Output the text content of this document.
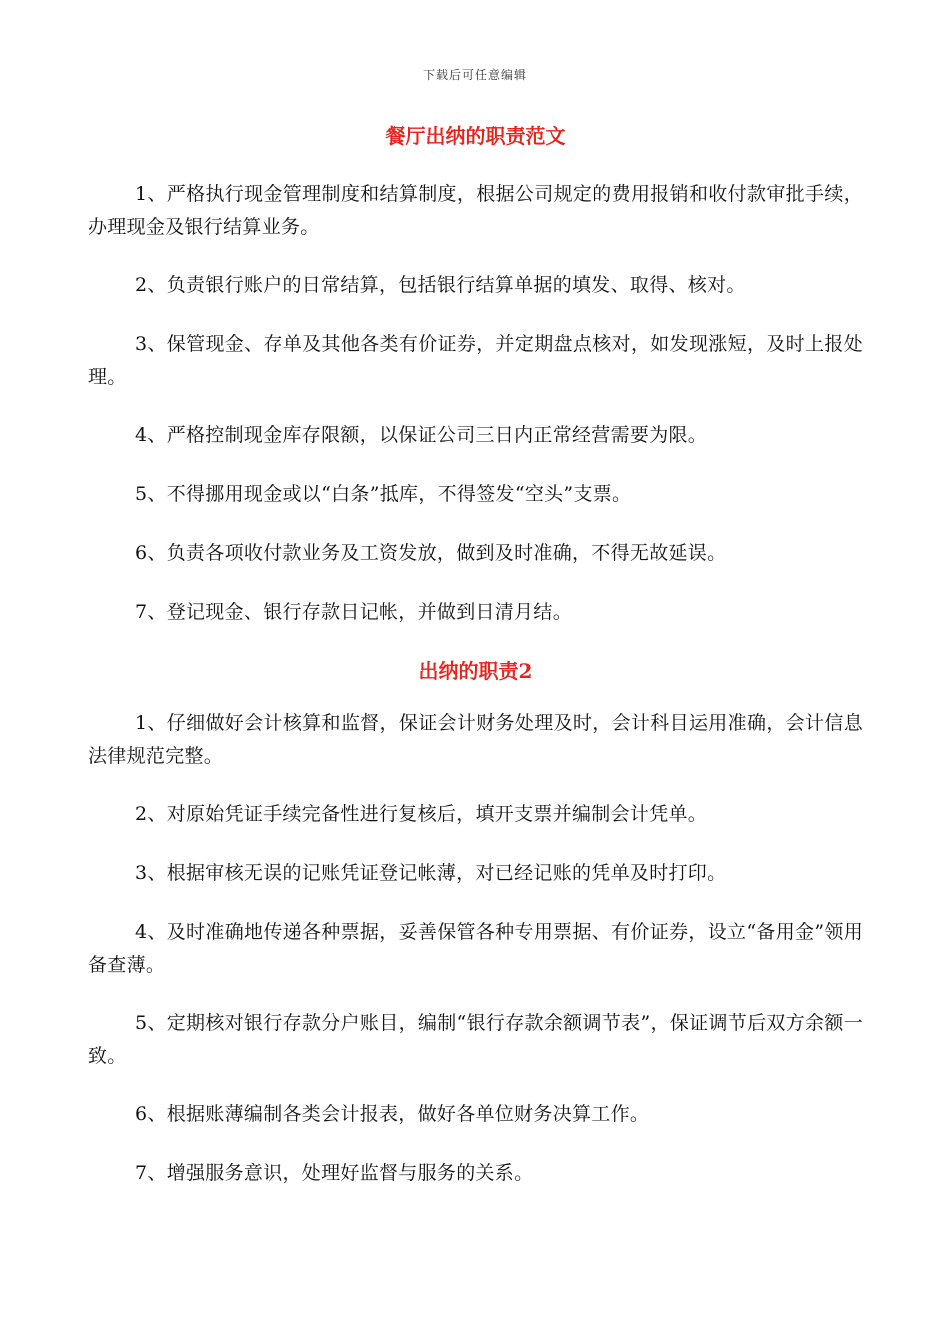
下载后可任意编辑
餐厅出纳的职责范文

1、严格执行现金管理制度和结算制度，根据公司规定的费用报销和收付款审批手续，办理现金及银行结算业务。

2、负责银行账户的日常结算，包括银行结算单据的填发、取得、核对。

3、保管现金、存单及其他各类有价证券，并定期盘点核对，如发现涨短，及时上报处理。

4、严格控制现金库存限额，以保证公司三日内正常经营需要为限。

5、不得挪用现金或以“白条”抵库，不得签发“空头”支票。

6、负责各项收付款业务及工资发放，做到及时准确，不得无故延误。

7、登记现金、银行存款日记帐，并做到日清月结。

出纳的职责2

1、仔细做好会计核算和监督，保证会计财务处理及时，会计科目运用准确，会计信息法律规范完整。

2、对原始凭证手续完备性进行复核后，填开支票并编制会计凭单。

3、根据审核无误的记账凭证登记帐薄，对已经记账的凭单及时打印。

4、及时准确地传递各种票据，妥善保管各种专用票据、有价证券，设立“备用金”领用备查薄。

5、定期核对银行存款分户账目，编制“银行存款余额调节表”，保证调节后双方余额一致。

6、根据账薄编制各类会计报表，做好各单位财务决算工作。

7、增强服务意识，处理好监督与服务的关系。
